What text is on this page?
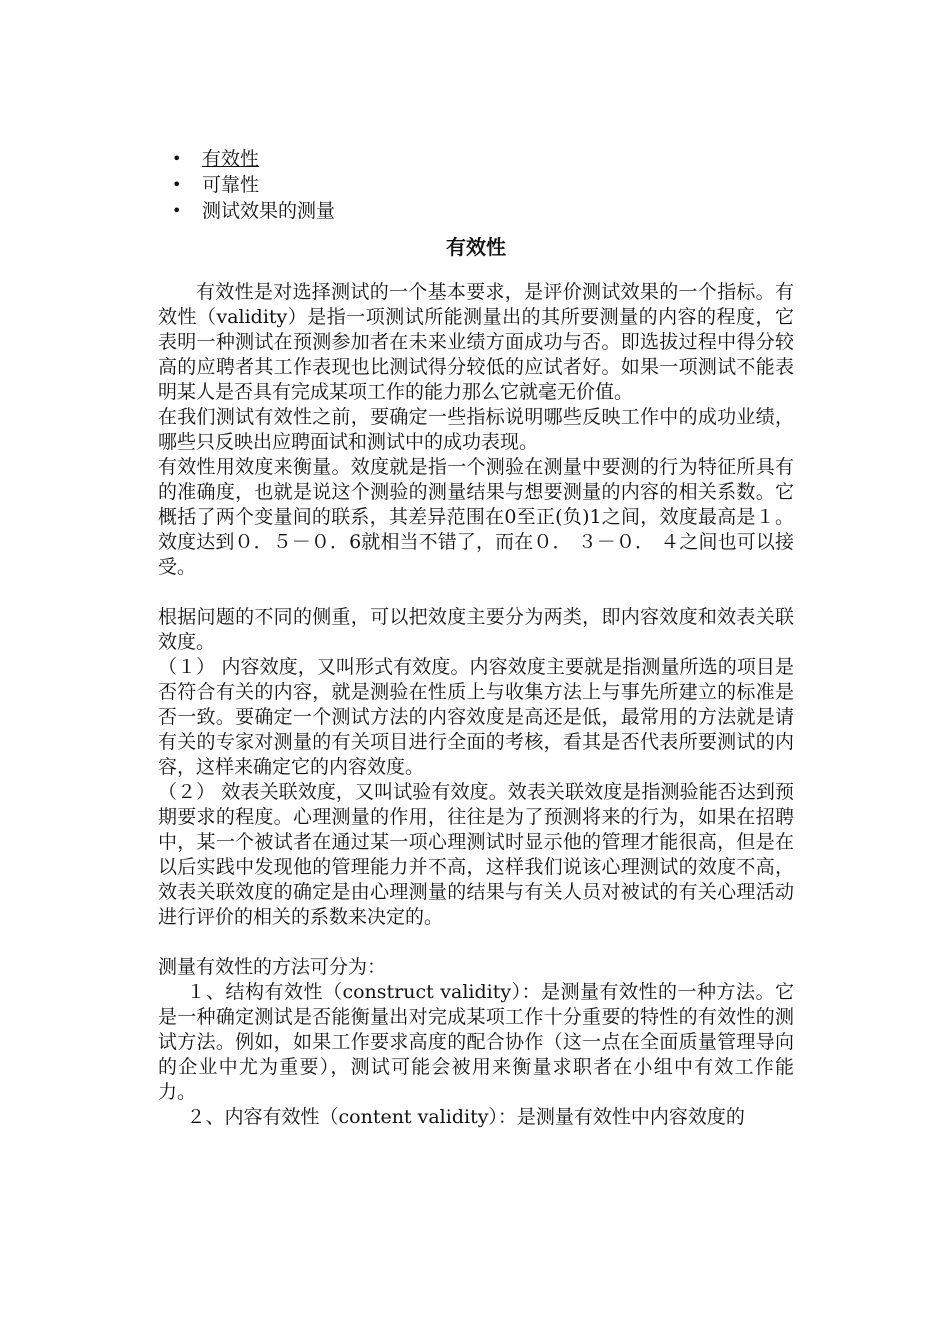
• 有效性
• 可靠性
• 测试效果的测量
有效性

有效性是对选择测试的一个基本要求，是评价测试效果的一个指标。有效性（validity）是指一项测试所能测量出的其所要测量的内容的程度，它表明一种测试在预测参加者在未来业绩方面成功与否。即选拔过程中得分较高的应聘者其工作表现也比测试得分较低的应试者好。如果一项测试不能表明某人是否具有完成某项工作的能力那么它就毫无价值。

在我们测试有效性之前，要确定一些指标说明哪些反映工作中的成功业绩，哪些只反映出应聘面试和测试中的成功表现。

有效性用效度来衡量。效度就是指一个测验在测量中要测的行为特征所具有的准确度，也就是说这个测验的测量结果与想要测量的内容的相关系数。它概括了两个变量间的联系，其差异范围在0至正(负)1之间，效度最高是１。效度达到０．５－０．6就相当不错了，而在０． ３－０． ４之间也可以接受。

根据问题的不同的侧重，可以把效度主要分为两类，即内容效度和效表关联效度。

（１） 内容效度，又叫形式有效度。内容效度主要就是指测量所选的项目是否符合有关的内容，就是测验在性质上与收集方法上与事先所建立的标准是否一致。要确定一个测试方法的内容效度是高还是低，最常用的方法就是请有关的专家对测量的有关项目进行全面的考核，看其是否代表所要测试的内容，这样来确定它的内容效度。

（２） 效表关联效度，又叫试验有效度。效表关联效度是指测验能否达到预期要求的程度。心理测量的作用，往往是为了预测将来的行为，如果在招聘中，某一个被试者在通过某一项心理测试时显示他的管理才能很高，但是在以后实践中发现他的管理能力并不高，这样我们说该心理测试的效度不高，效表关联效度的确定是由心理测量的结果与有关人员对被试的有关心理活动进行评价的相关的系数来决定的。

测量有效性的方法可分为：

１、结构有效性（construct validity）：是测量有效性的一种方法。它是一种确定测试是否能衡量出对完成某项工作十分重要的特性的有效性的测试方法。例如，如果工作要求高度的配合协作（这一点在全面质量管理导向的企业中尤为重要），测试可能会被用来衡量求职者在小组中有效工作能力。

２、内容有效性（content validity）：是测量有效性中内容效度的
